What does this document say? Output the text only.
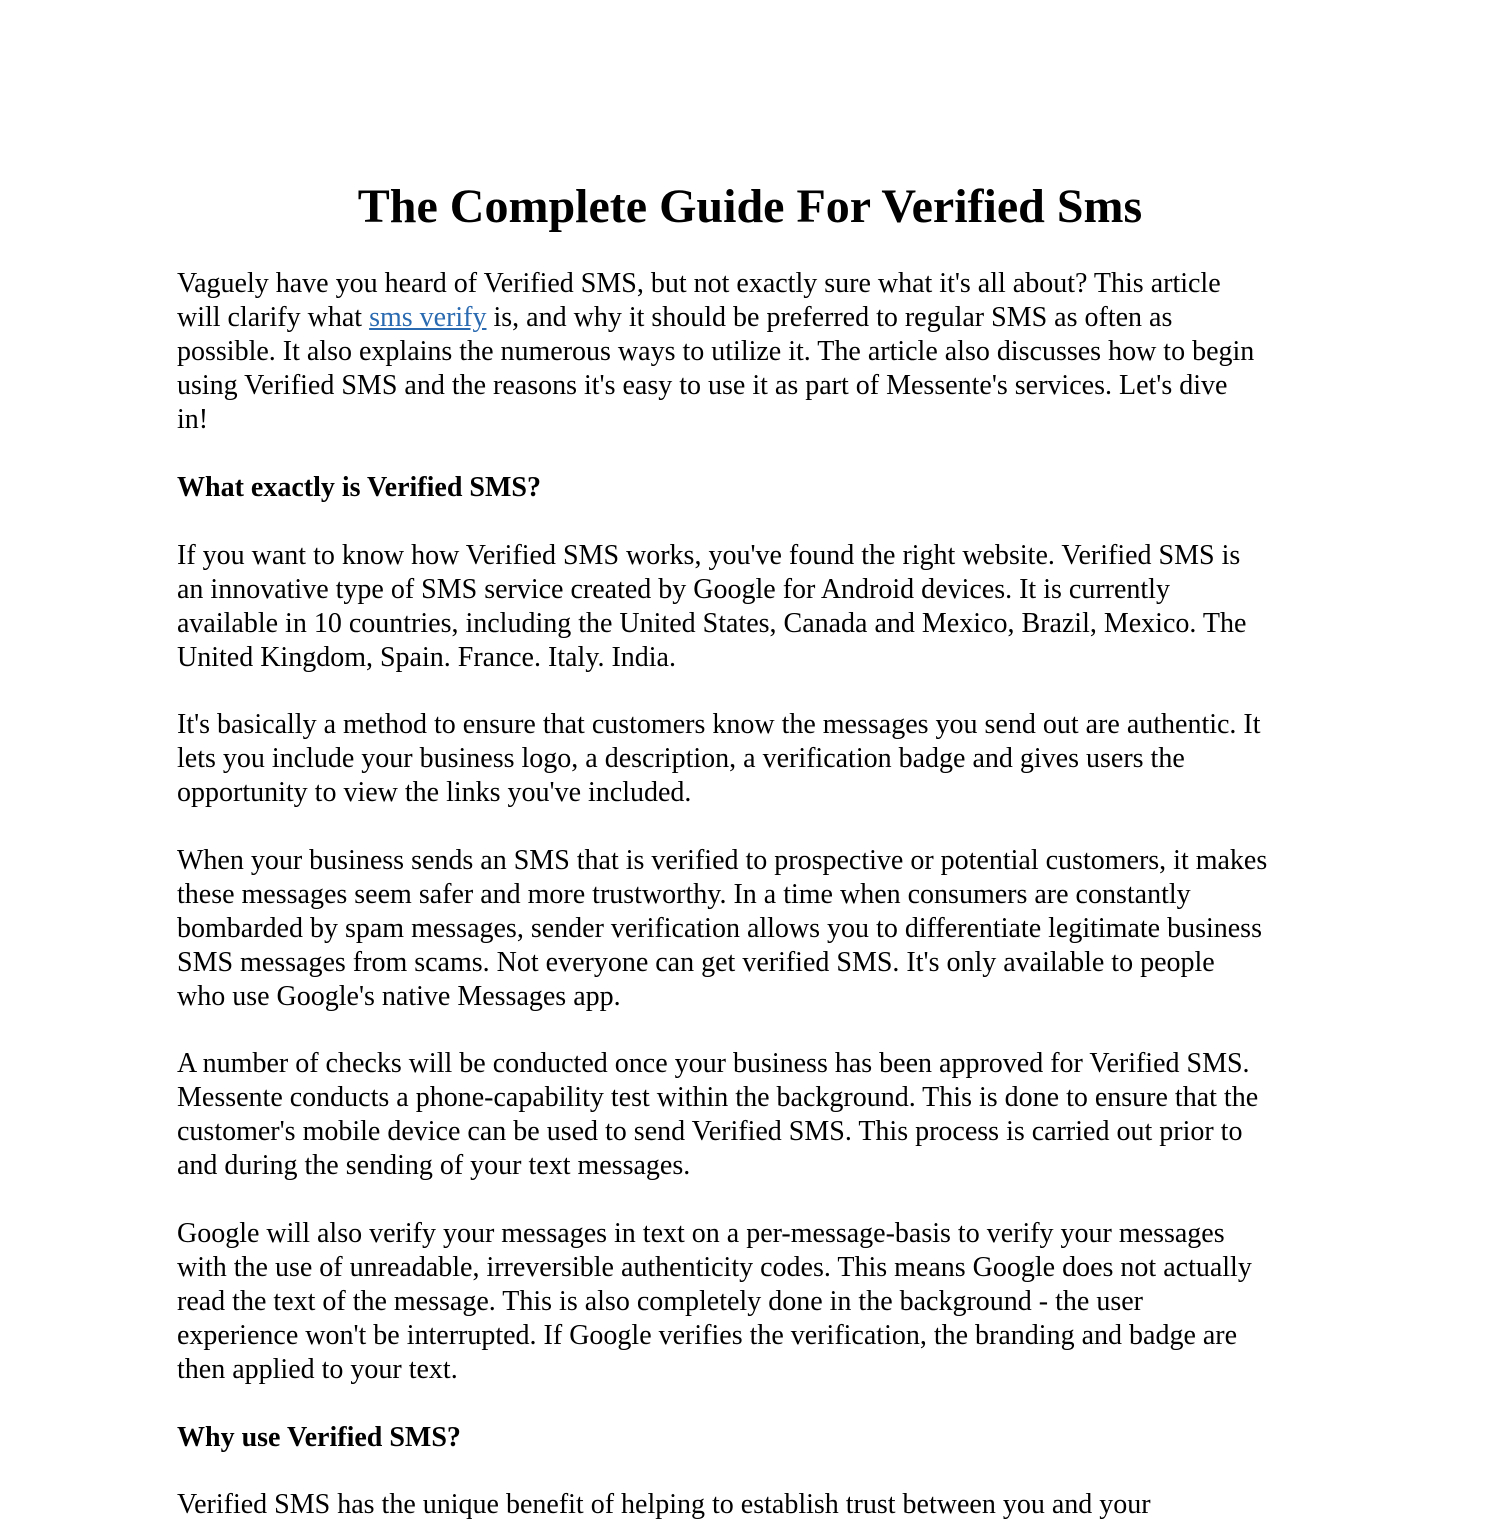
The Complete Guide For Verified Sms

Vaguely have you heard of Verified SMS, but not exactly sure what it's all about? This article
will clarify what sms verify is, and why it should be preferred to regular SMS as often as
possible. It also explains the numerous ways to utilize it. The article also discusses how to begin
using Verified SMS and the reasons it's easy to use it as part of Messente's services. Let's dive
in!

What exactly is Verified SMS?

If you want to know how Verified SMS works, you've found the right website. Verified SMS is
an innovative type of SMS service created by Google for Android devices. It is currently
available in 10 countries, including the United States, Canada and Mexico, Brazil, Mexico. The
United Kingdom, Spain. France. Italy. India.

It's basically a method to ensure that customers know the messages you send out are authentic. It
lets you include your business logo, a description, a verification badge and gives users the
opportunity to view the links you've included.

When your business sends an SMS that is verified to prospective or potential customers, it makes
these messages seem safer and more trustworthy. In a time when consumers are constantly
bombarded by spam messages, sender verification allows you to differentiate legitimate business
SMS messages from scams. Not everyone can get verified SMS. It's only available to people
who use Google's native Messages app.

A number of checks will be conducted once your business has been approved for Verified SMS.
Messente conducts a phone-capability test within the background. This is done to ensure that the
customer's mobile device can be used to send Verified SMS. This process is carried out prior to
and during the sending of your text messages.

Google will also verify your messages in text on a per-message-basis to verify your messages
with the use of unreadable, irreversible authenticity codes. This means Google does not actually
read the text of the message. This is also completely done in the background - the user
experience won't be interrupted. If Google verifies the verification, the branding and badge are
then applied to your text.

Why use Verified SMS?
Verified SMS has the unique benefit of helping to establish trust between you and your
